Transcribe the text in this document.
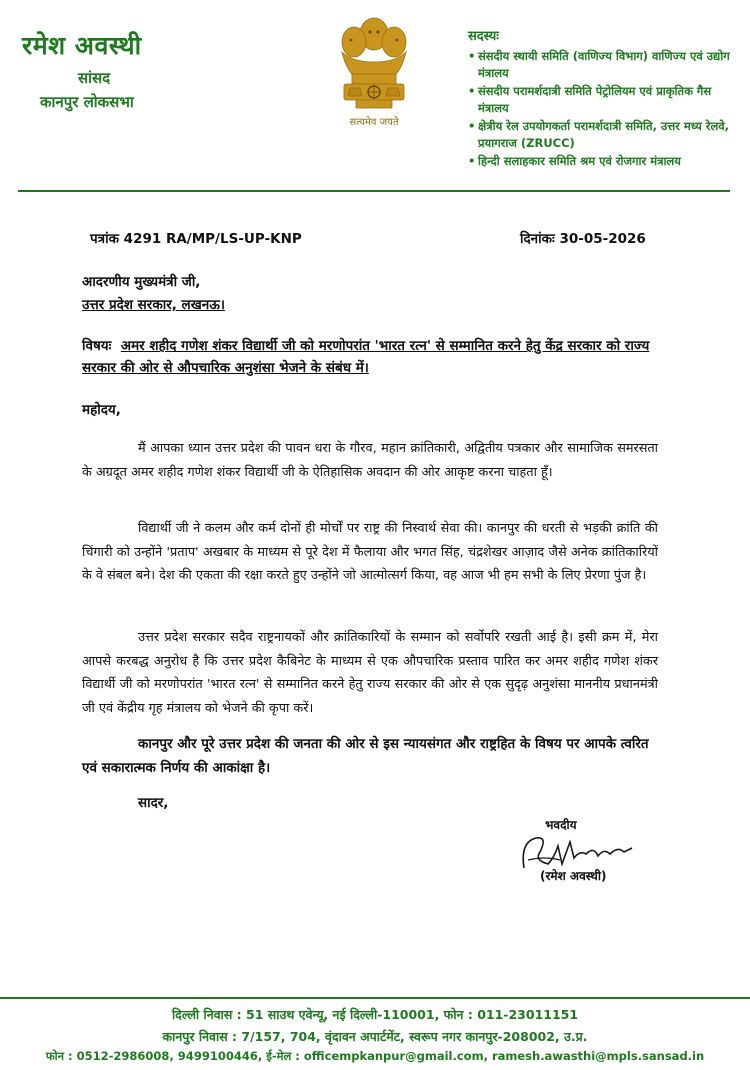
रमेश अवस्थी
सांसद
कानपुर लोकसभा
सत्यमेव जयते
सदस्यः
• संसदीय स्थायी समिति (वाणिज्य विभाग) वाणिज्य एवं उद्योग मंत्रालय
• संसदीय परामर्शदात्री समिति पेट्रोलियम एवं प्राकृतिक गैस मंत्रालय
• क्षेत्रीय रेल उपयोगकर्ता परामर्शदात्री समिति, उत्तर मध्य रेलवे, प्रयागराज (ZRUCC)
• हिन्दी सलाहकार समिति श्रम एवं रोजगार मंत्रालय
पत्रांक 4291 RA/MP/LS-UP-KNP	दिनांकः 30-05-2026
आदरणीय मुख्यमंत्री जी,
उत्तर प्रदेश सरकार, लखनऊ।
विषयः अमर शहीद गणेश शंकर विद्यार्थी जी को मरणोपरांत 'भारत रत्न' से सम्मानित करने हेतु केंद्र सरकार को राज्य सरकार की ओर से औपचारिक अनुशंसा भेजने के संबंध में।
महोदय,
मैं आपका ध्यान उत्तर प्रदेश की पावन धरा के गौरव, महान क्रांतिकारी, अद्वितीय पत्रकार और सामाजिक समरसता के अग्रदूत अमर शहीद गणेश शंकर विद्यार्थी जी के ऐतिहासिक अवदान की ओर आकृष्ट करना चाहता हूँ।
विद्यार्थी जी ने कलम और कर्म दोनों ही मोर्चों पर राष्ट्र की निस्वार्थ सेवा की। कानपुर की धरती से भड़की क्रांति की चिंगारी को उन्होंने 'प्रताप' अखबार के माध्यम से पूरे देश में फैलाया और भगत सिंह, चंद्रशेखर आज़ाद जैसे अनेक क्रांतिकारियों के वे संबल बने। देश की एकता की रक्षा करते हुए उन्होंने जो आत्मोत्सर्ग किया, वह आज भी हम सभी के लिए प्रेरणा पुंज है।
उत्तर प्रदेश सरकार सदैव राष्ट्रनायकों और क्रांतिकारियों के सम्मान को सर्वोपरि रखती आई है। इसी क्रम में, मेरा आपसे करबद्ध अनुरोध है कि उत्तर प्रदेश कैबिनेट के माध्यम से एक औपचारिक प्रस्ताव पारित कर अमर शहीद गणेश शंकर विद्यार्थी जी को मरणोपरांत 'भारत रत्न' से सम्मानित करने हेतु राज्य सरकार की ओर से एक सुदृढ़ अनुशंसा माननीय प्रधानमंत्री जी एवं केंद्रीय गृह मंत्रालय को भेजने की कृपा करें।
कानपुर और पूरे उत्तर प्रदेश की जनता की ओर से इस न्यायसंगत और राष्ट्रहित के विषय पर आपके त्वरित एवं सकारात्मक निर्णय की आकांक्षा है।
सादर,
भवदीय
(रमेश अवस्थी)
दिल्ली निवास : 51 साउथ एवेन्यू, नई दिल्ली-110001, फोन : 011-23011151
कानपुर निवास : 7/157, 704, वृंदावन अपार्टमेंट, स्वरूप नगर कानपुर-208002, उ.प्र.
फोन : 0512-2986008, 9499100446, ई-मेल : officempkanpur@gmail.com, ramesh.awasthi@mpls.sansad.in
